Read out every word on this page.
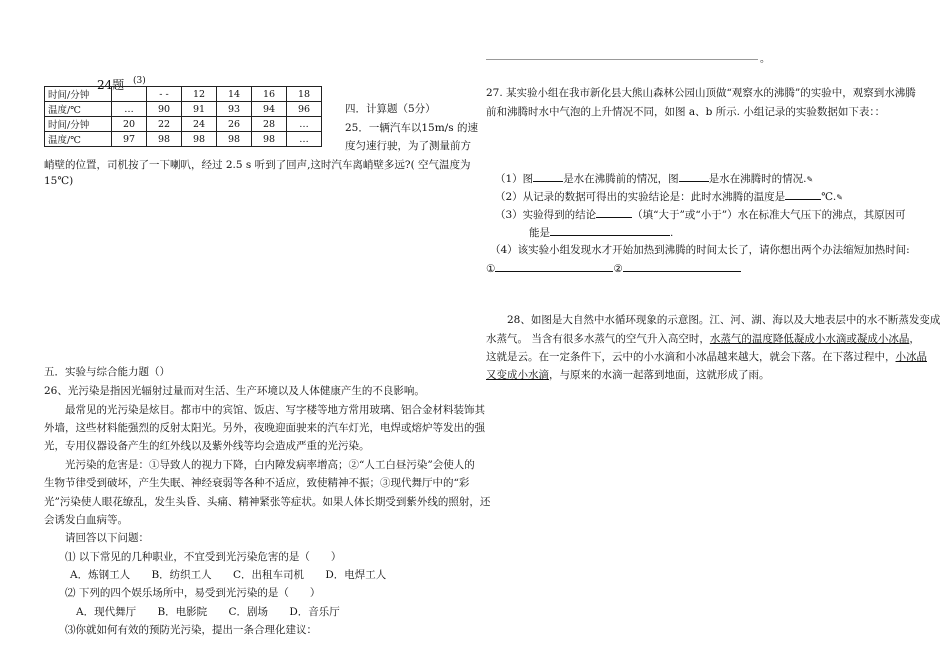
。
24题 (3)
时间/分钟		- -	12	14	16	18
温度/℃	…	90	91	93	94	96
时间/分钟	20	22	24	26	28	…
温度/℃	97	98	98	98	98	…
四．计算题（5分）
25．一辆汽车以15m/s 的速
度匀速行驶，为了测量前方
峭壁的位置，司机按了一下喇叭，经过 2.5 s 听到了回声,这时汽车离峭壁多远?( 空气温度为
15℃)
五．实验与综合能力题（）
26、光污染是指因光辐射过量而对生活、生产环境以及人体健康产生的不良影响。
最常见的光污染是炫目。都市中的宾馆、饭店、写字楼等地方常用玻璃、铝合金材料装饰其
外墙，这些材料能强烈的反射太阳光。另外，夜晚迎面驶来的汽车灯光，电焊或熔炉等发出的强
光，专用仪器设备产生的红外线以及紫外线等均会造成严重的光污染。
光污染的危害是：①导致人的视力下降，白内障发病率增高；②“人工白昼污染”会使人的
生物节律受到破坏，产生失眠、神经衰弱等各种不适应，致使精神不振；③现代舞厅中的“彩
光”污染使人眼花缭乱，发生头昏、头痛、精神紧张等症状。如果人体长期受到紫外线的照射，还
会诱发白血病等。
请回答以下问题：
⑴ 以下常见的几种职业，不宜受到光污染危害的是（　　）
A．炼钢工人 B．纺织工人 C．出租车司机 D．电焊工人
⑵ 下列的四个娱乐场所中，易受到光污染的是（　　）
A．现代舞厅 B．电影院 C．剧场 D．音乐厅
⑶你就如何有效的预防光污染，提出一条合理化建议：
27. 某实验小组在我市新化县大熊山森林公园山顶做“观察水的沸腾”的实验中，观察到水沸腾
前和沸腾时水中气泡的上升情况不同，如图 a、b 所示. 小组记录的实验数据如下表：：
（1）图	是水在沸腾前的情况，图	是水在沸腾时的情况.✎
（2）从记录的数据可得出的实验结论是：此时水沸腾的温度是	℃.✎
（3）实验得到的结论	（填“大于”或“小于”）水在标准大气压下的沸点，其原因可
能是	.
（4）该实验小组发现水才开始加热到沸腾的时间太长了，请你想出两个办法缩短加热时间:
①	②
28、如图是大自然中水循环现象的示意图。江、河、湖、海以及大地表层中的水不断蒸发变成
水蒸气。 当含有很多水蒸气的空气升入高空时，水蒸气的温度降低凝成小水滴或凝成小冰晶，
这就是云。在一定条件下，云中的小水滴和小冰晶越来越大，就会下落。在下落过程中，小冰晶
又变成小水滴，与原来的水滴一起落到地面，这就形成了雨。
